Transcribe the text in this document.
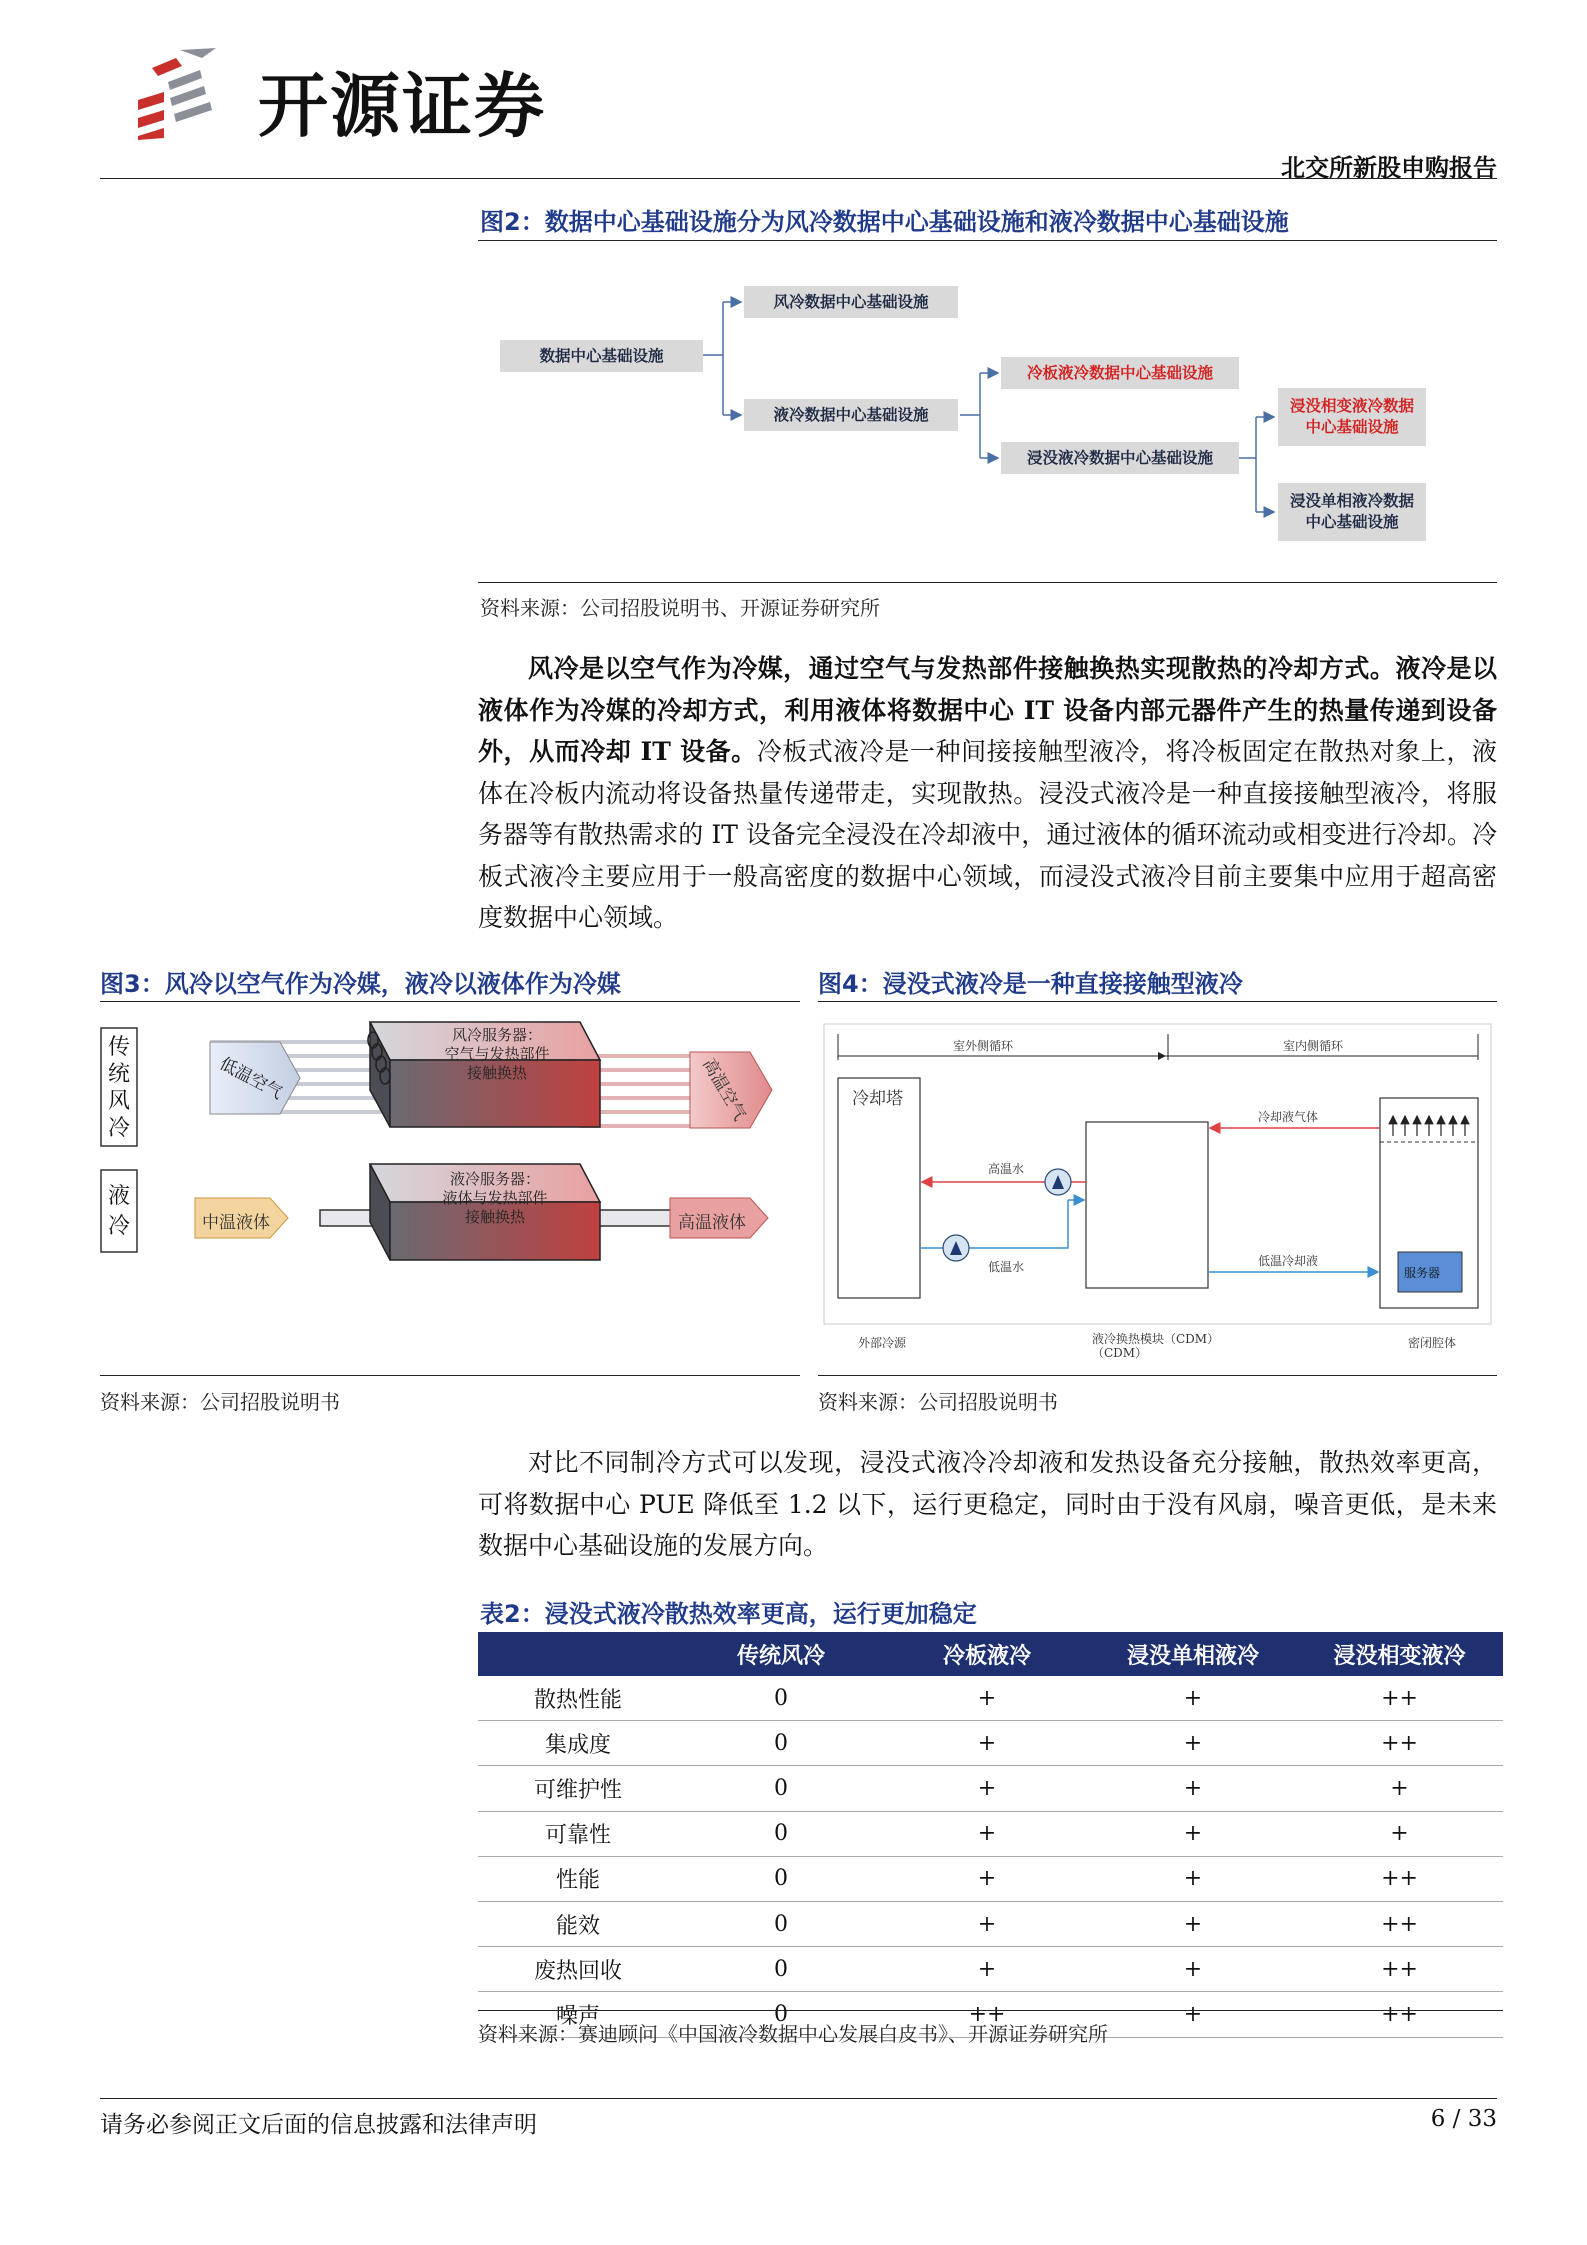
开源证券
北交所新股申购报告
图2：数据中心基础设施分为风冷数据中心基础设施和液冷数据中心基础设施
数据中心基础设施
风冷数据中心基础设施
液冷数据中心基础设施
冷板液冷数据中心基础设施
浸没液冷数据中心基础设施
浸没相变液冷数据中心基础设施
浸没单相液冷数据中心基础设施
资料来源：公司招股说明书、开源证券研究所
风冷是以空气作为冷媒，通过空气与发热部件接触换热实现散热的冷却方式。液冷是以液体作为冷媒的冷却方式，利用液体将数据中心 IT 设备内部元器件产生的热量传递到设备外，从而冷却 IT 设备。冷板式液冷是一种间接接触型液冷，将冷板固定在散热对象上，液体在冷板内流动将设备热量传递带走，实现散热。浸没式液冷是一种直接接触型液冷，将服务器等有散热需求的 IT 设备完全浸没在冷却液中，通过液体的循环流动或相变进行冷却。冷板式液冷主要应用于一般高密度的数据中心领域，而浸没式液冷目前主要集中应用于超高密度数据中心领域。
图3：风冷以空气作为冷媒，液冷以液体作为冷媒
传统风冷
液冷
低温空气	高温空气
风冷服务器：
空气与发热部件
接触换热
液冷服务器：
液体与发热部件
接触换热
中温液体	高温液体
资料来源：公司招股说明书
图4：浸没式液冷是一种直接接触型液冷
室外侧循环	室内侧循环
冷却塔
高温水
低温水
冷却液气体
低温冷却液
服务器
外部冷源	液冷换热模块（CDM）
（CDM）
密闭腔体
资料来源：公司招股说明书
对比不同制冷方式可以发现，浸没式液冷冷却液和发热设备充分接触，散热效率更高，可将数据中心 PUE 降低至 1.2 以下，运行更稳定，同时由于没有风扇，噪音更低，是未来数据中心基础设施的发展方向。
表2：浸没式液冷散热效率更高，运行更加稳定
	传统风冷	冷板液冷	浸没单相液冷	浸没相变液冷
散热性能	0	+	+	++
集成度	0	+	+	++
可维护性	0	+	+	+
可靠性	0	+	+	+
性能	0	+	+	++
能效	0	+	+	++
废热回收	0	+	+	++
噪声	0	++	+	++
资料来源：赛迪顾问《中国液冷数据中心发展白皮书》、开源证券研究所
请务必参阅正文后面的信息披露和法律声明	6 / 33
